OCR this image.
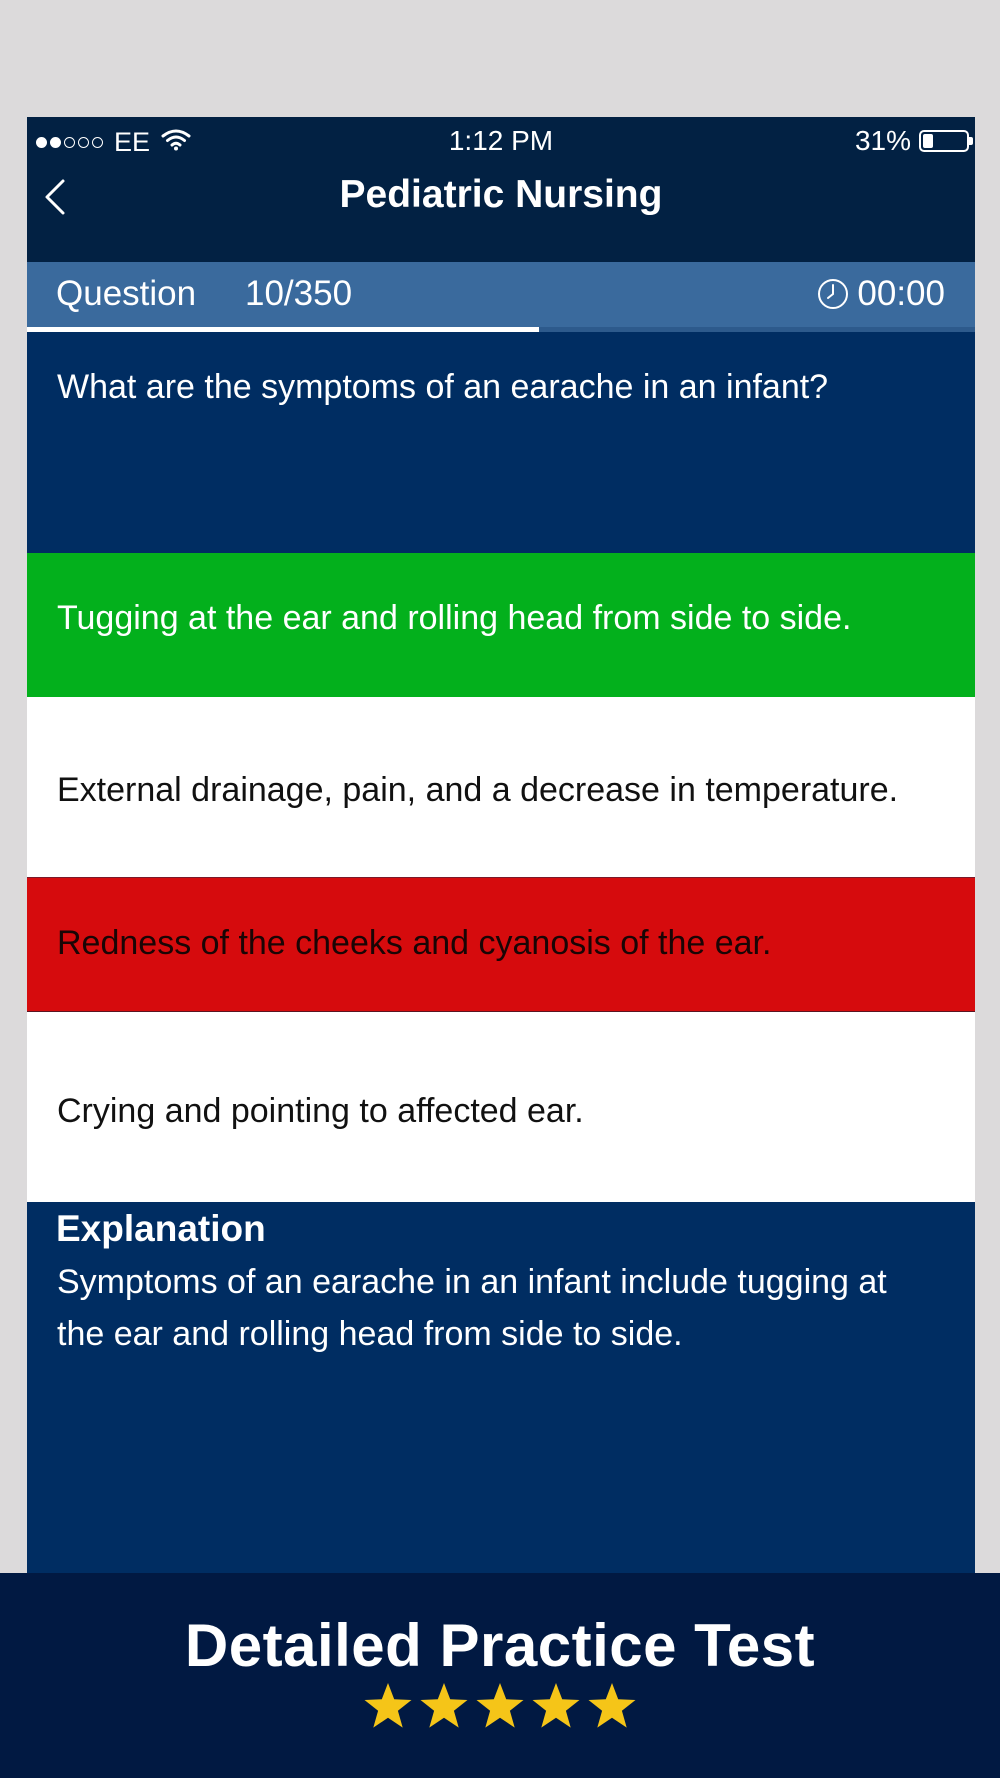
EE	1:12 PM	31%
Pediatric Nursing
Question 10/350	00:00
What are the symptoms of an earache in an infant?
Tugging at the ear and rolling head from side to side.
External drainage, pain, and a decrease in temperature.
Redness of the cheeks and cyanosis of the ear.
Crying and pointing to affected ear.
Explanation
Symptoms of an earache in an infant include tugging at the ear and rolling head from side to side.
Detailed Practice Test
